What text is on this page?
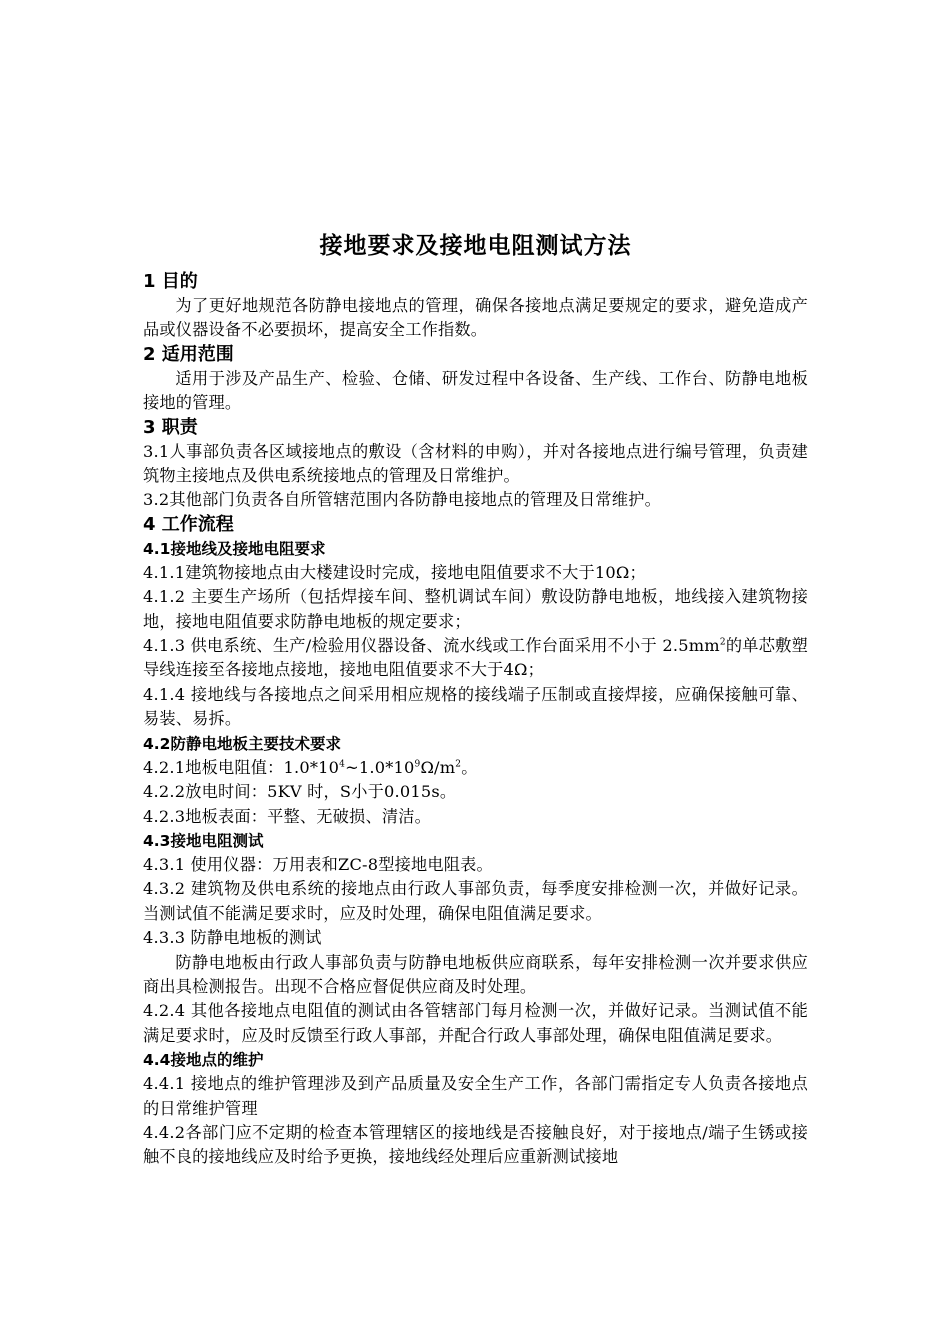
接地要求及接地电阻测试方法
1 目的

为了更好地规范各防静电接地点的管理，确保各接地点满足要规定的要求，避免造成产品或仪器设备不必要损坏，提高安全工作指数。

2 适用范围

适用于涉及产品生产、检验、仓储、研发过程中各设备、生产线、工作台、防静电地板接地的管理。

3 职责

3.1人事部负责各区域接地点的敷设（含材料的申购），并对各接地点进行编号管理，负责建筑物主接地点及供电系统接地点的管理及日常维护。

3.2其他部门负责各自所管辖范围内各防静电接地点的管理及日常维护。

4 工作流程
4.1接地线及接地电阻要求

4.1.1建筑物接地点由大楼建设时完成，接地电阻值要求不大于10Ω；

4.1.2 主要生产场所（包括焊接车间、整机调试车间）敷设防静电地板，地线接入建筑物接地，接地电阻值要求防静电地板的规定要求；

4.1.3 供电系统、生产/检验用仪器设备、流水线或工作台面采用不小于 $2.5mm^2$的单芯敷塑导线连接至各接地点接地，接地电阻值要求不大于4Ω；

4.1.4 接地线与各接地点之间采用相应规格的接线端子压制或直接焊接，应确保接触可靠、易装、易拆。

4.2防静电地板主要技术要求

4.2.1地板电阻值：$1.0*10^4\sim 1.0*10^9\Omega/m^2$。

4.2.2放电时间：5KV 时，S小于0.015s。

4.2.3地板表面：平整、无破损、清洁。

4.3接地电阻测试

4.3.1 使用仪器：万用表和ZC-8型接地电阻表。

4.3.2 建筑物及供电系统的接地点由行政人事部负责，每季度安排检测一次，并做好记录。当测试值不能满足要求时，应及时处理，确保电阻值满足要求。

4.3.3 防静电地板的测试

防静电地板由行政人事部负责与防静电地板供应商联系，每年安排检测一次并要求供应商出具检测报告。出现不合格应督促供应商及时处理。

4.2.4 其他各接地点电阻值的测试由各管辖部门每月检测一次，并做好记录。当测试值不能满足要求时，应及时反馈至行政人事部，并配合行政人事部处理，确保电阻值满足要求。

4.4接地点的维护

4.4.1 接地点的维护管理涉及到产品质量及安全生产工作，各部门需指定专人负责各接地点的日常维护管理

4.4.2各部门应不定期的检查本管理辖区的接地线是否接触良好，对于接地点/端子生锈或接触不良的接地线应及时给予更换，接地线经处理后应重新测试接地
